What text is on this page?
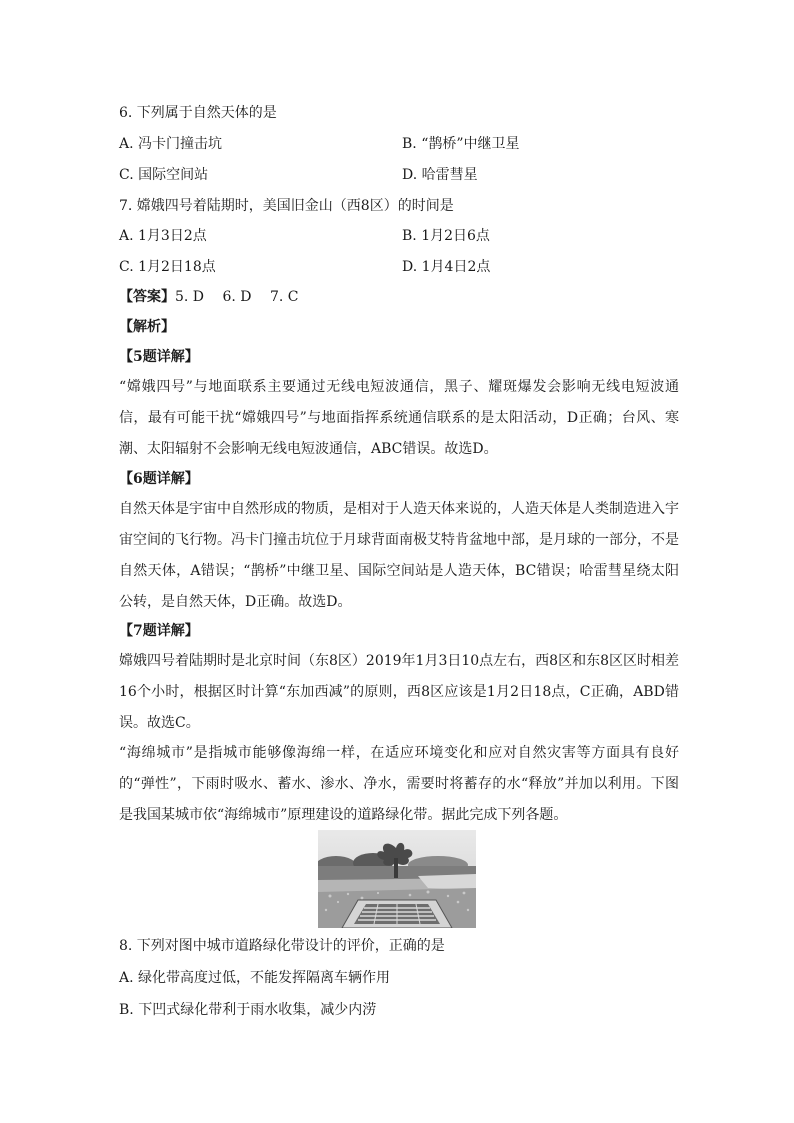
6. 下列属于自然天体的是
A. 冯卡门撞击坑	B. “鹊桥”中继卫星
C. 国际空间站	D. 哈雷彗星
7. 嫦娥四号着陆期时，美国旧金山（西8区）的时间是
A. 1月3日2点	B. 1月2日6点
C. 1月2日18点	D. 1月4日2点
【答案】5. D　 6. D　 7. C
【解析】
【5题详解】
“嫦娥四号”与地面联系主要通过无线电短波通信，黑子、耀斑爆发会影响无线电短波通信，最有可能干扰“嫦娥四号”与地面指挥系统通信联系的是太阳活动，D正确；台风、寒潮、太阳辐射不会影响无线电短波通信，ABC错误。故选D。
【6题详解】
自然天体是宇宙中自然形成的物质，是相对于人造天体来说的，人造天体是人类制造进入宇宙空间的飞行物。冯卡门撞击坑位于月球背面南极艾特肯盆地中部，是月球的一部分，不是自然天体，A错误；“鹊桥”中继卫星、国际空间站是人造天体，BC错误；哈雷彗星绕太阳公转，是自然天体，D正确。故选D。
【7题详解】
嫦娥四号着陆期时是北京时间（东8区）2019年1月3日10点左右，西8区和东8区区时相差16个小时，根据区时计算“东加西减”的原则，西8区应该是1月2日18点，C正确，ABD错误。故选C。
“海绵城市”是指城市能够像海绵一样，在适应环境变化和应对自然灾害等方面具有良好的“弹性”，下雨时吸水、蓄水、渗水、净水，需要时将蓄存的水“释放”并加以利用。下图是我国某城市依“海绵城市”原理建设的道路绿化带。据此完成下列各题。
8. 下列对图中城市道路绿化带设计的评价，正确的是
A. 绿化带高度过低，不能发挥隔离车辆作用
B. 下凹式绿化带利于雨水收集，减少内涝
